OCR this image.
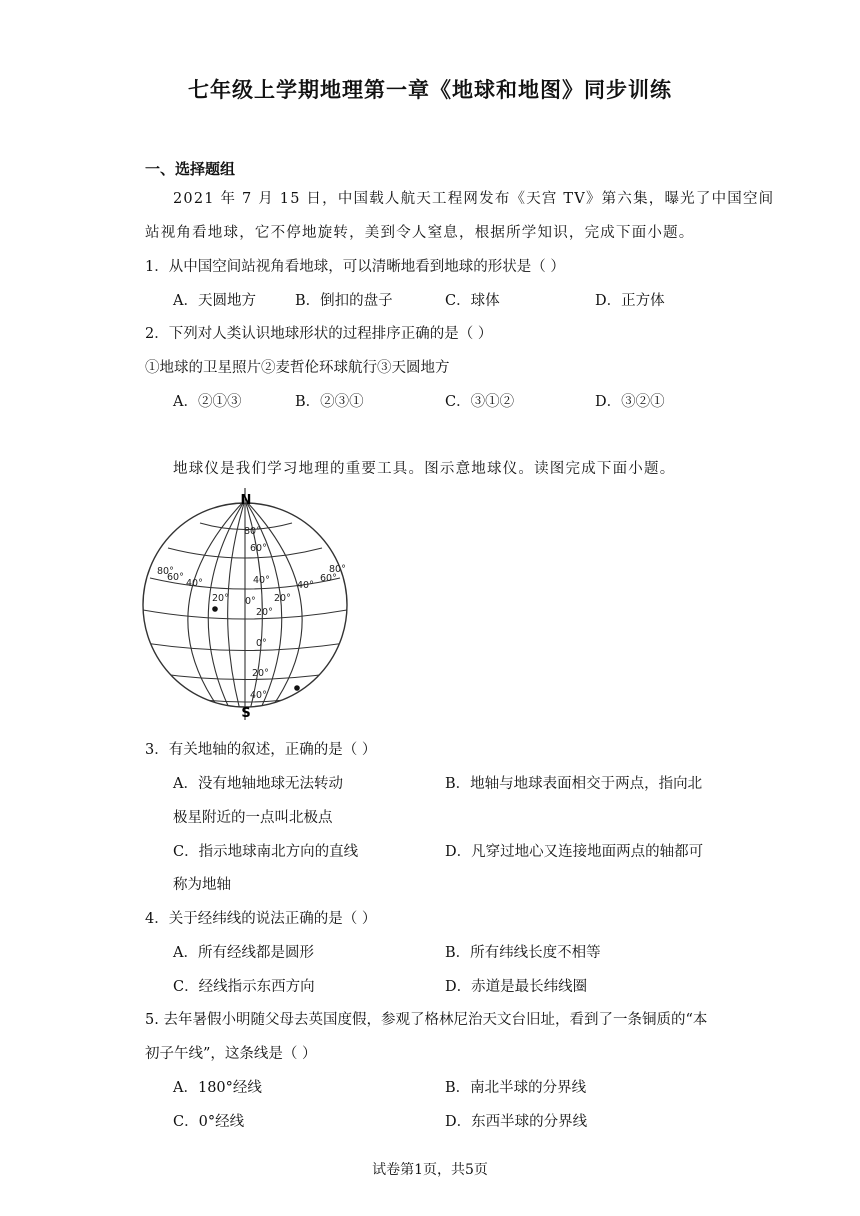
七年级上学期地理第一章《地球和地图》同步训练
一、选择题组
2021 年 7 月 15 日，中国载人航天工程网发布《天宫 TV》第六集，曝光了中国空间
站视角看地球，它不停地旋转，美到令人窒息，根据所学知识，完成下面小题。
1．从中国空间站视角看地球，可以清晰地看到地球的形状是（ ）
A．天圆地方	B．倒扣的盘子	C．球体	D．正方体
2．下列对人类认识地球形状的过程排序正确的是（ ）
①地球的卫星照片②麦哲伦环球航行③天圆地方
A．②①③	B．②③①	C．③①②	D．③②①
地球仪是我们学习地理的重要工具。图示意地球仪。读图完成下面小题。
N
S
80°
60°
40°
20°
0°
20°
40°
80°
60°
40°
20° 0° 20°
40°
60°
80°
3．有关地轴的叙述，正确的是（ ）
A．没有地轴地球无法转动	B．地轴与地球表面相交于两点，指向北
极星附近的一点叫北极点
C．指示地球南北方向的直线	D．凡穿过地心又连接地面两点的轴都可
称为地轴
4．关于经纬线的说法正确的是（ ）
A．所有经线都是圆形	B．所有纬线长度不相等
C．经线指示东西方向	D．赤道是最长纬线圈
5. 去年暑假小明随父母去英国度假，参观了格林尼治天文台旧址，看到了一条铜质的“本
初子午线”，这条线是（ ）
A．180°经线	B．南北半球的分界线
C．0°经线	D．东西半球的分界线
试卷第1页，共5页
